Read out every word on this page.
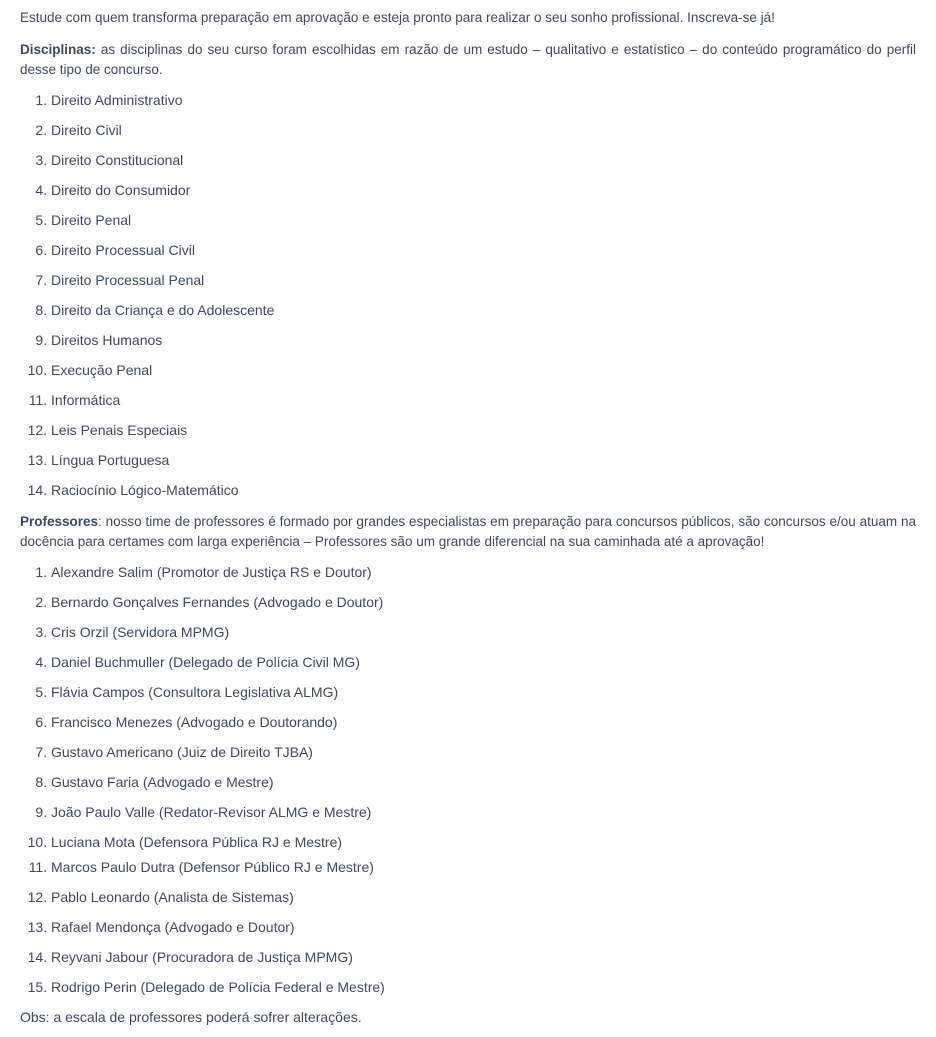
Estude com quem transforma preparação em aprovação e esteja pronto para realizar o seu sonho profissional. Inscreva-se já!

Disciplinas: as disciplinas do seu curso foram escolhidas em razão de um estudo – qualitativo e estatístico – do conteúdo programático do perfil desse tipo de concurso.

1. Direito Administrativo
2. Direito Civil
3. Direito Constitucional
4. Direito do Consumidor
5. Direito Penal
6. Direito Processual Civil
7. Direito Processual Penal
8. Direito da Criança e do Adolescente
9. Direitos Humanos
10. Execução Penal
11. Informática
12. Leis Penais Especiais
13. Língua Portuguesa
14. Raciocínio Lógico-Matemático

Professores: nosso time de professores é formado por grandes especialistas em preparação para concursos públicos, são concursos e/ou atuam na docência para certames com larga experiência – Professores são um grande diferencial na sua caminhada até a aprovação!

1. Alexandre Salim (Promotor de Justiça RS e Doutor)
2. Bernardo Gonçalves Fernandes (Advogado e Doutor)
3. Cris Orzil (Servidora MPMG)
4. Daniel Buchmuller (Delegado de Polícia Civil MG)
5. Flávia Campos (Consultora Legislativa ALMG)
6. Francisco Menezes (Advogado e Doutorando)
7. Gustavo Americano (Juiz de Direito TJBA)
8. Gustavo Faria (Advogado e Mestre)
9. João Paulo Valle (Redator-Revisor ALMG e Mestre)
10. Luciana Mota (Defensora Pública RJ e Mestre)
11. Marcos Paulo Dutra (Defensor Público RJ e Mestre)
12. Pablo Leonardo (Analista de Sistemas)
13. Rafael Mendonça (Advogado e Doutor)
14. Reyvani Jabour (Procuradora de Justiça MPMG)
15. Rodrigo Perin (Delegado de Polícia Federal e Mestre)

Obs: a escala de professores poderá sofrer alterações.
